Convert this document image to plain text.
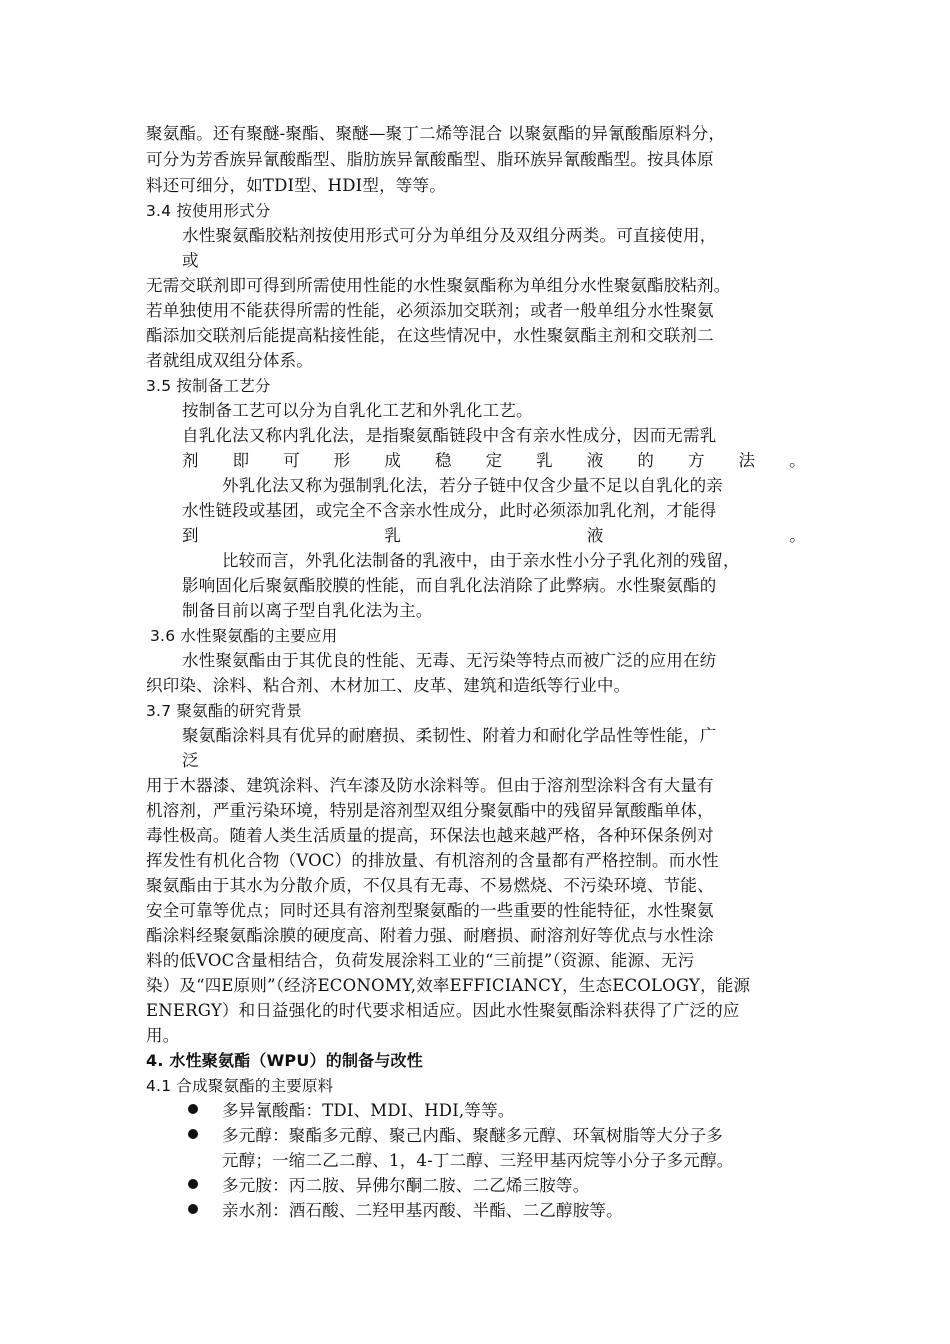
聚氨酯。还有聚醚-聚酯、聚醚—聚丁二烯等混合 以聚氨酯的异氰酸酯原料分，
可分为芳香族异氰酸酯型、脂肪族异氰酸酯型、脂环族异氰酸酯型。按具体原
料还可细分，如TDI型、HDI型，等等。
3.4 按使用形式分
水性聚氨酯胶粘剂按使用形式可分为单组分及双组分两类。可直接使用，
或
无需交联剂即可得到所需使用性能的水性聚氨酯称为单组分水性聚氨酯胶粘剂。
若单独使用不能获得所需的性能，必须添加交联剂；或者一般单组分水性聚氨
酯添加交联剂后能提高粘接性能，在这些情况中，水性聚氨酯主剂和交联剂二
者就组成双组分体系。
3.5 按制备工艺分
按制备工艺可以分为自乳化工艺和外乳化工艺。
自乳化法又称内乳化法，是指聚氨酯链段中含有亲水性成分，因而无需乳
剂 即 可 形 成 稳 定 乳 液 的 方 法 。
外乳化法又称为强制乳化法，若分子链中仅含少量不足以自乳化的亲
水性链段或基团，或完全不含亲水性成分，此时必须添加乳化剂，才能得
到	乳	液	。
比较而言，外乳化法制备的乳液中，由于亲水性小分子乳化剂的残留，
影响固化后聚氨酯胶膜的性能，而自乳化法消除了此弊病。水性聚氨酯的
制备目前以离子型自乳化法为主。
3.6 水性聚氨酯的主要应用
水性聚氨酯由于其优良的性能、无毒、无污染等特点而被广泛的应用在纺
织印染、涂料、粘合剂、木材加工、皮革、建筑和造纸等行业中。
3.7 聚氨酯的研究背景
聚氨酯涂料具有优异的耐磨损、柔韧性、附着力和耐化学品性等性能，广
泛
用于木器漆、建筑涂料、汽车漆及防水涂料等。但由于溶剂型涂料含有大量有
机溶剂，严重污染环境，特别是溶剂型双组分聚氨酯中的残留异氰酸酯单体，
毒性极高。随着人类生活质量的提高，环保法也越来越严格，各种环保条例对
挥发性有机化合物（VOC）的排放量、有机溶剂的含量都有严格控制。而水性
聚氨酯由于其水为分散介质，不仅具有无毒、不易燃烧、不污染环境、节能、
安全可靠等优点；同时还具有溶剂型聚氨酯的一些重要的性能特征，水性聚氨
酯涂料经聚氨酯涂膜的硬度高、附着力强、耐磨损、耐溶剂好等优点与水性涂
料的低VOC含量相结合，负荷发展涂料工业的“三前提”（资源、能源、无污
染）及“四E原则”（经济ECONOMY,效率EFFICIANCY，生态ECOLOGY，能源
ENERGY）和日益强化的时代要求相适应。因此水性聚氨酯涂料获得了广泛的应
用。
4. 水性聚氨酯（WPU）的制备与改性
4.1 合成聚氨酯的主要原料
多异氰酸酯：TDI、MDI、HDI,等等。
多元醇：聚酯多元醇、聚己内酯、聚醚多元醇、环氧树脂等大分子多
元醇；一缩二乙二醇、1，4-丁二醇、三羟甲基丙烷等小分子多元醇。
多元胺：丙二胺、异佛尔酮二胺、二乙烯三胺等。
亲水剂：酒石酸、二羟甲基丙酸、半酯、二乙醇胺等。
